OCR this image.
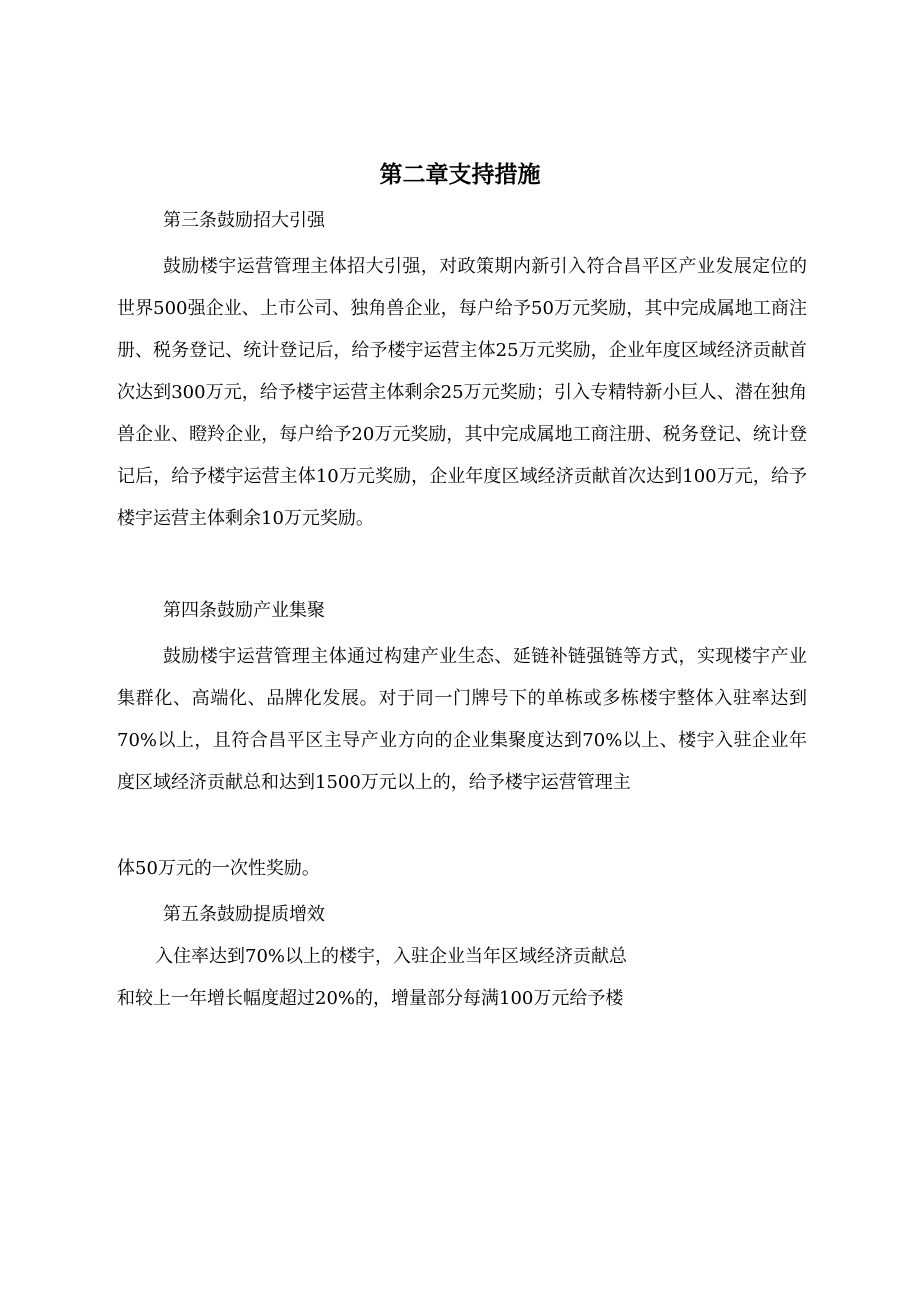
第二章支持措施

第三条鼓励招大引强

鼓励楼宇运营管理主体招大引强，对政策期内新引入符合昌平区产业发展定位的世界500强企业、上市公司、独角兽企业，每户给予50万元奖励，其中完成属地工商注册、税务登记、统计登记后，给予楼宇运营主体25万元奖励，企业年度区域经济贡献首次达到300万元，给予楼宇运营主体剩余25万元奖励；引入专精特新小巨人、潜在独角兽企业、瞪羚企业，每户给予20万元奖励，其中完成属地工商注册、税务登记、统计登记后，给予楼宇运营主体10万元奖励，企业年度区域经济贡献首次达到100万元，给予楼宇运营主体剩余10万元奖励。

第四条鼓励产业集聚

鼓励楼宇运营管理主体通过构建产业生态、延链补链强链等方式，实现楼宇产业集群化、高端化、品牌化发展。对于同一门牌号下的单栋或多栋楼宇整体入驻率达到70%以上，且符合昌平区主导产业方向的企业集聚度达到70%以上、楼宇入驻企业年度区域经济贡献总和达到1500万元以上的，给予楼宇运营管理主

体50万元的一次性奖励。

第五条鼓励提质增效

入住率达到70%以上的楼宇，入驻企业当年区域经济贡献总
和较上一年增长幅度超过20%的，增量部分每满100万元给予楼
